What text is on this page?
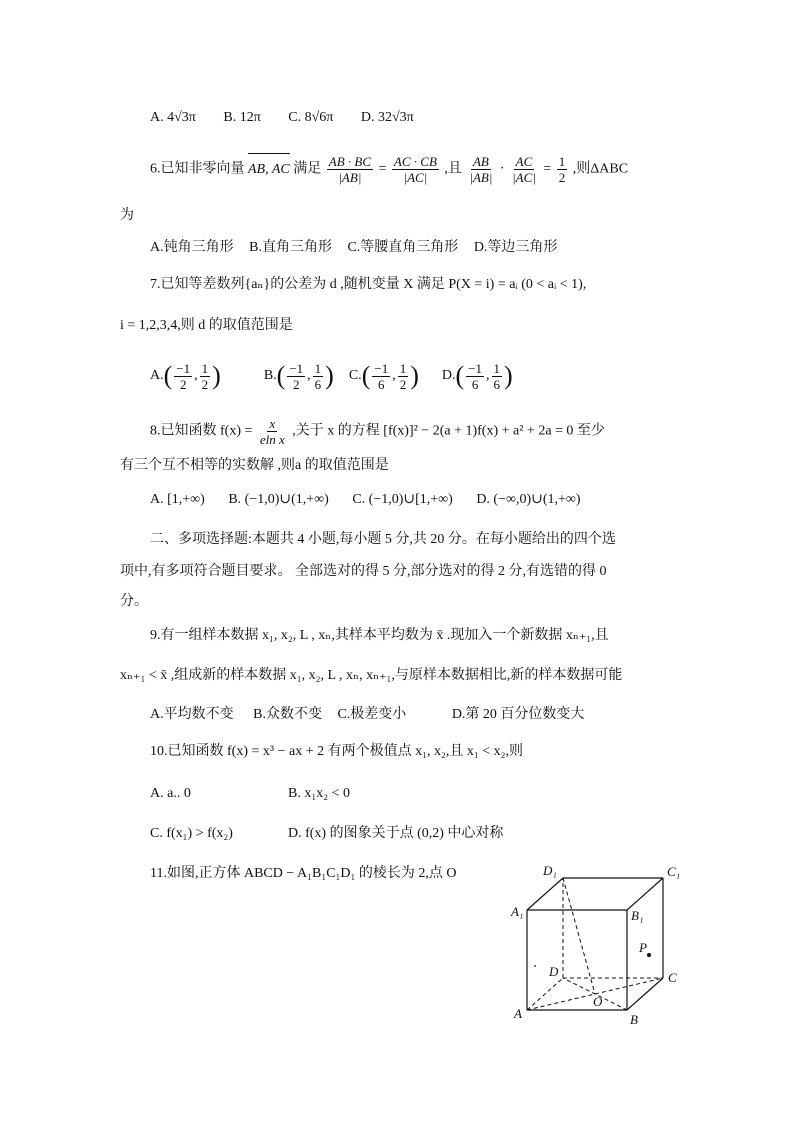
A. 4√3π B. 12π C. 8√6π D. 32√3π
6.已知非零向量 AB, AC 满足 $\frac{AB \cdot BC}{|AB|} = \frac{AC \cdot CB}{|AC|}$ ,且 $\frac{AB}{|AB|} \cdot \frac{AC}{|AC|} = \frac{1}{2}$ ,则ΔABC
为
A.钝角三角形 B.直角三角形 C.等腰直角三角形 D.等边三角形
7.已知等差数列{aₙ}的公差为 d ,随机变量 X 满足 P(X = i) = aᵢ (0 < aᵢ < 1),
i = 1,2,3,4,则 d 的取值范围是
$A.( \frac{-1}{2}$ , $\frac{1}{2}$ )	$B.( \frac{-1}{2}$ , $\frac{1}{6}$ ) $C.( \frac{-1}{6}$ , $\frac{1}{2}$ ) $D.( \frac{-1}{6}$ , $\frac{1}{6}$ )
8.已知函数 $f(x) = \frac{x}{\text{eln x}}$ ,关于 x 的方程 [f(x)]² − 2(a + 1)f(x) + a² + 2a = 0 至少
有三个互不相等的实数解 ,则a 的取值范围是
A. [1,+∞) B. (−1,0)∪(1,+∞) C. (−1,0)∪[1,+∞) D. (−∞,0)∪(1,+∞)
二、多项选择题:本题共 4 小题,每小题 5 分,共 20 分。在每小题给出的四个选
项中,有多项符合题目要求。 全部选对的得 5 分,部分选对的得 2 分,有选错的得 0
分。
9.有一组样本数据 x₁, x₂, L , xₙ,其样本平均数为 x̄ .现加入一个新数据 xₙ₊₁,且
xₙ₊₁ < x̄ ,组成新的样本数据 x₁, x₂, L , xₙ, xₙ₊₁,与原样本数据相比,新的样本数据可能
A.平均数不变 B.众数不变 C.极差变小	D.第 20 百分位数变大
10.已知函数 f(x) = x³ − ax + 2 有两个极值点 x₁, x₂,且 x₁ < x₂,则
A. a.. 0	B. x₁x₂ < 0
C. f(x₁) > f(x₂)	D. f(x) 的图象关于点 (0,2) 中心对称
11.如图,正方体 ABCD − A₁B₁C₁D₁ 的棱长为 2,点 O	D₁	C₁
A₁	B₁
P
D	C
O
A	B
